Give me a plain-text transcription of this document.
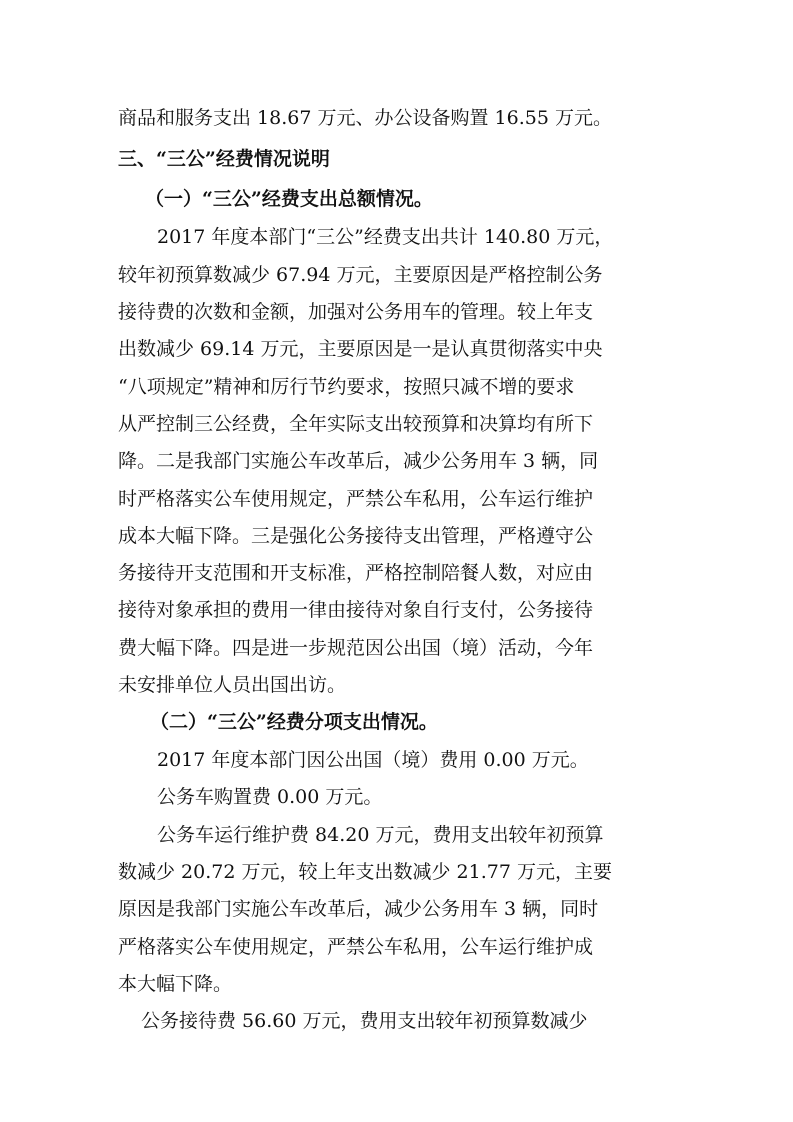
商品和服务支出 18.67 万元、办公设备购置 16.55 万元。
三、“三公”经费情况说明
（一）“三公”经费支出总额情况。
2017 年度本部门“三公”经费支出共计 140.80 万元，
较年初预算数减少 67.94 万元，主要原因是严格控制公务
接待费的次数和金额，加强对公务用车的管理。较上年支
出数减少 69.14 万元，主要原因是一是认真贯彻落实中央
“八项规定”精神和厉行节约要求，按照只减不增的要求
从严控制三公经费，全年实际支出较预算和决算均有所下
降。二是我部门实施公车改革后，减少公务用车 3 辆，同
时严格落实公车使用规定，严禁公车私用，公车运行维护
成本大幅下降。三是强化公务接待支出管理，严格遵守公
务接待开支范围和开支标准，严格控制陪餐人数，对应由
接待对象承担的费用一律由接待对象自行支付，公务接待
费大幅下降。四是进一步规范因公出国（境）活动，今年
未安排单位人员出国出访。
（二）“三公”经费分项支出情况。
2017 年度本部门因公出国（境）费用 0.00 万元。
公务车购置费 0.00 万元。
公务车运行维护费 84.20 万元，费用支出较年初预算
数减少 20.72 万元，较上年支出数减少 21.77 万元，主要
原因是我部门实施公车改革后，减少公务用车 3 辆，同时
严格落实公车使用规定，严禁公车私用，公车运行维护成
本大幅下降。
公务接待费 56.60 万元，费用支出较年初预算数减少
